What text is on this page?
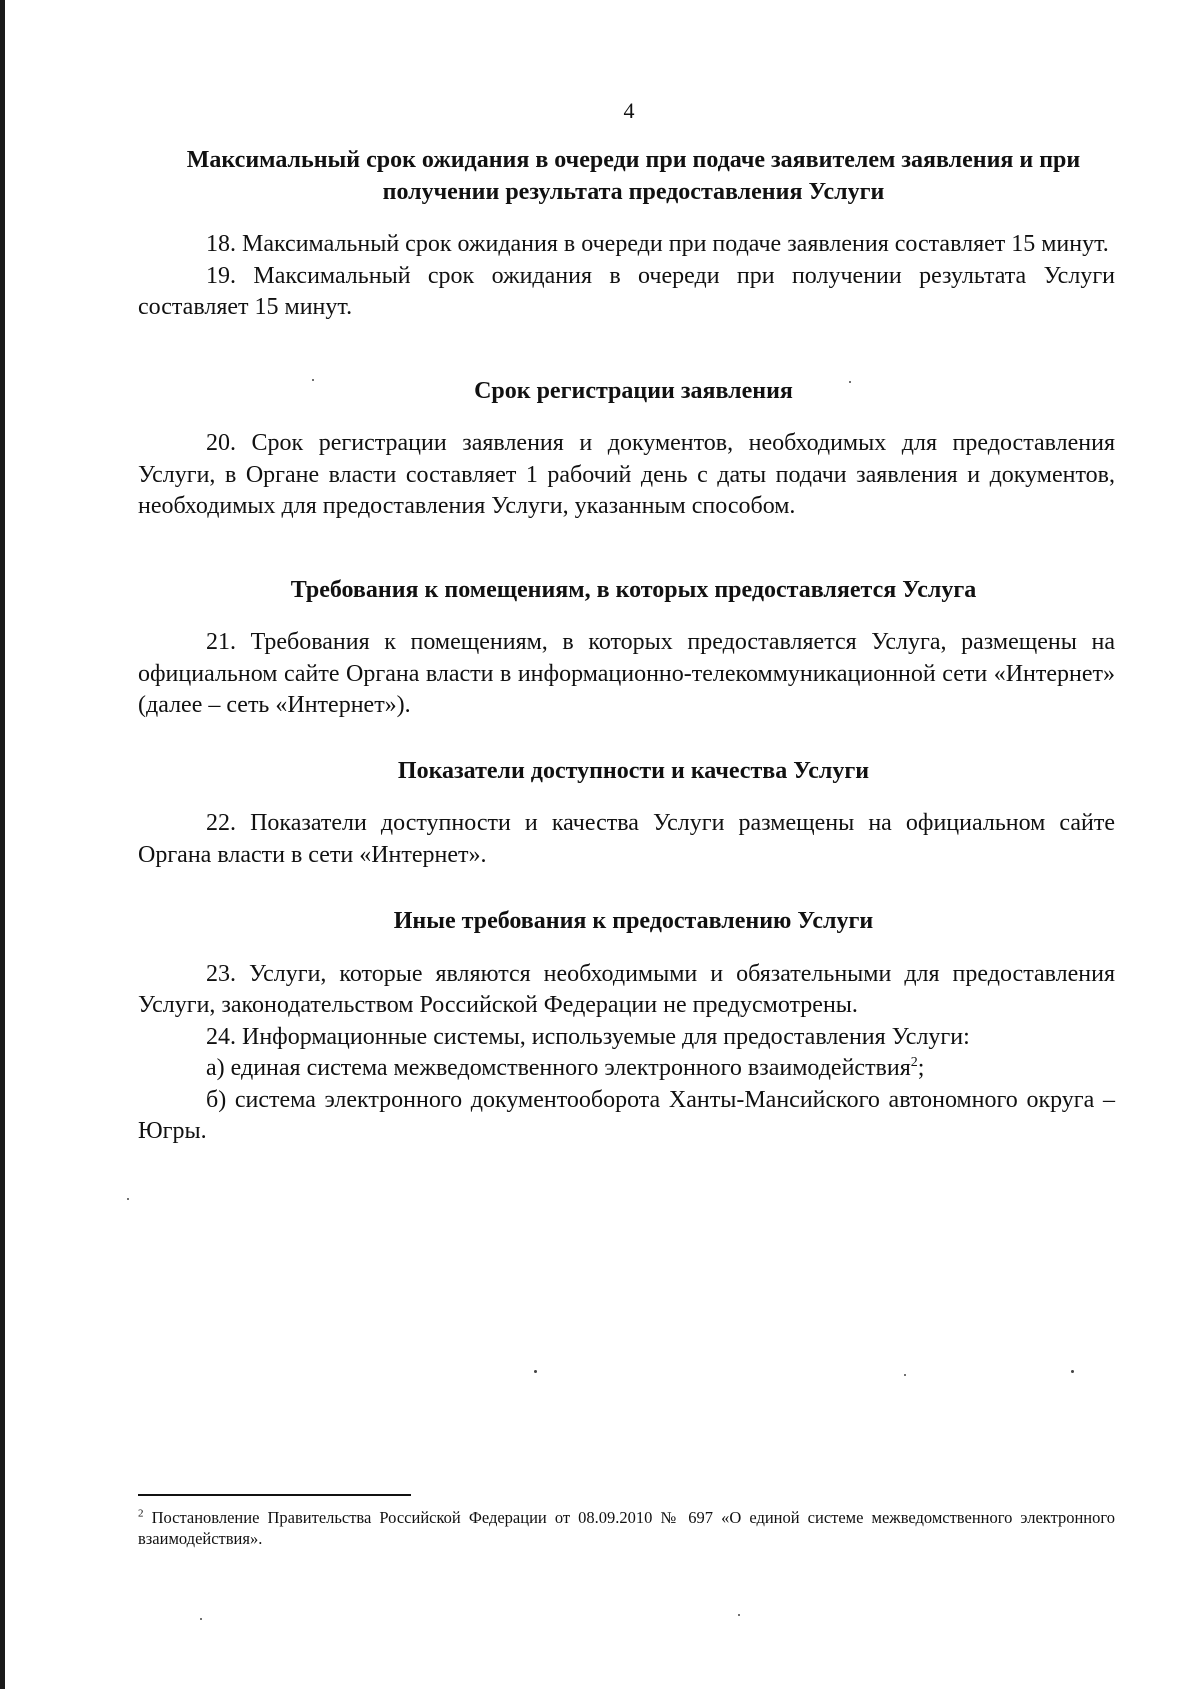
4

Максимальный срок ожидания в очереди при подаче заявителем заявления и при получении результата предоставления Услуги

18. Максимальный срок ожидания в очереди при подаче заявления составляет 15 минут.

19. Максимальный срок ожидания в очереди при получении результата Услуги составляет 15 минут.

Срок регистрации заявления

20. Срок регистрации заявления и документов, необходимых для предоставления Услуги, в Органе власти составляет 1 рабочий день с даты подачи заявления и документов, необходимых для предоставления Услуги, указанным способом.

Требования к помещениям, в которых предоставляется Услуга

21. Требования к помещениям, в которых предоставляется Услуга, размещены на официальном сайте Органа власти в информационно-телекоммуникационной сети «Интернет» (далее – сеть «Интернет»).

Показатели доступности и качества Услуги

22. Показатели доступности и качества Услуги размещены на официальном сайте Органа власти в сети «Интернет».

Иные требования к предоставлению Услуги

23. Услуги, которые являются необходимыми и обязательными для предоставления Услуги, законодательством Российской Федерации не предусмотрены.

24. Информационные системы, используемые для предоставления Услуги:

а) единая система межведомственного электронного взаимодействия$^2$;

б) система электронного документооборота Ханты-Мансийского автономного округа – Югры.

$^2$ Постановление Правительства Российской Федерации от 08.09.2010 № 697 «О единой системе межведомственного электронного взаимодействия».
